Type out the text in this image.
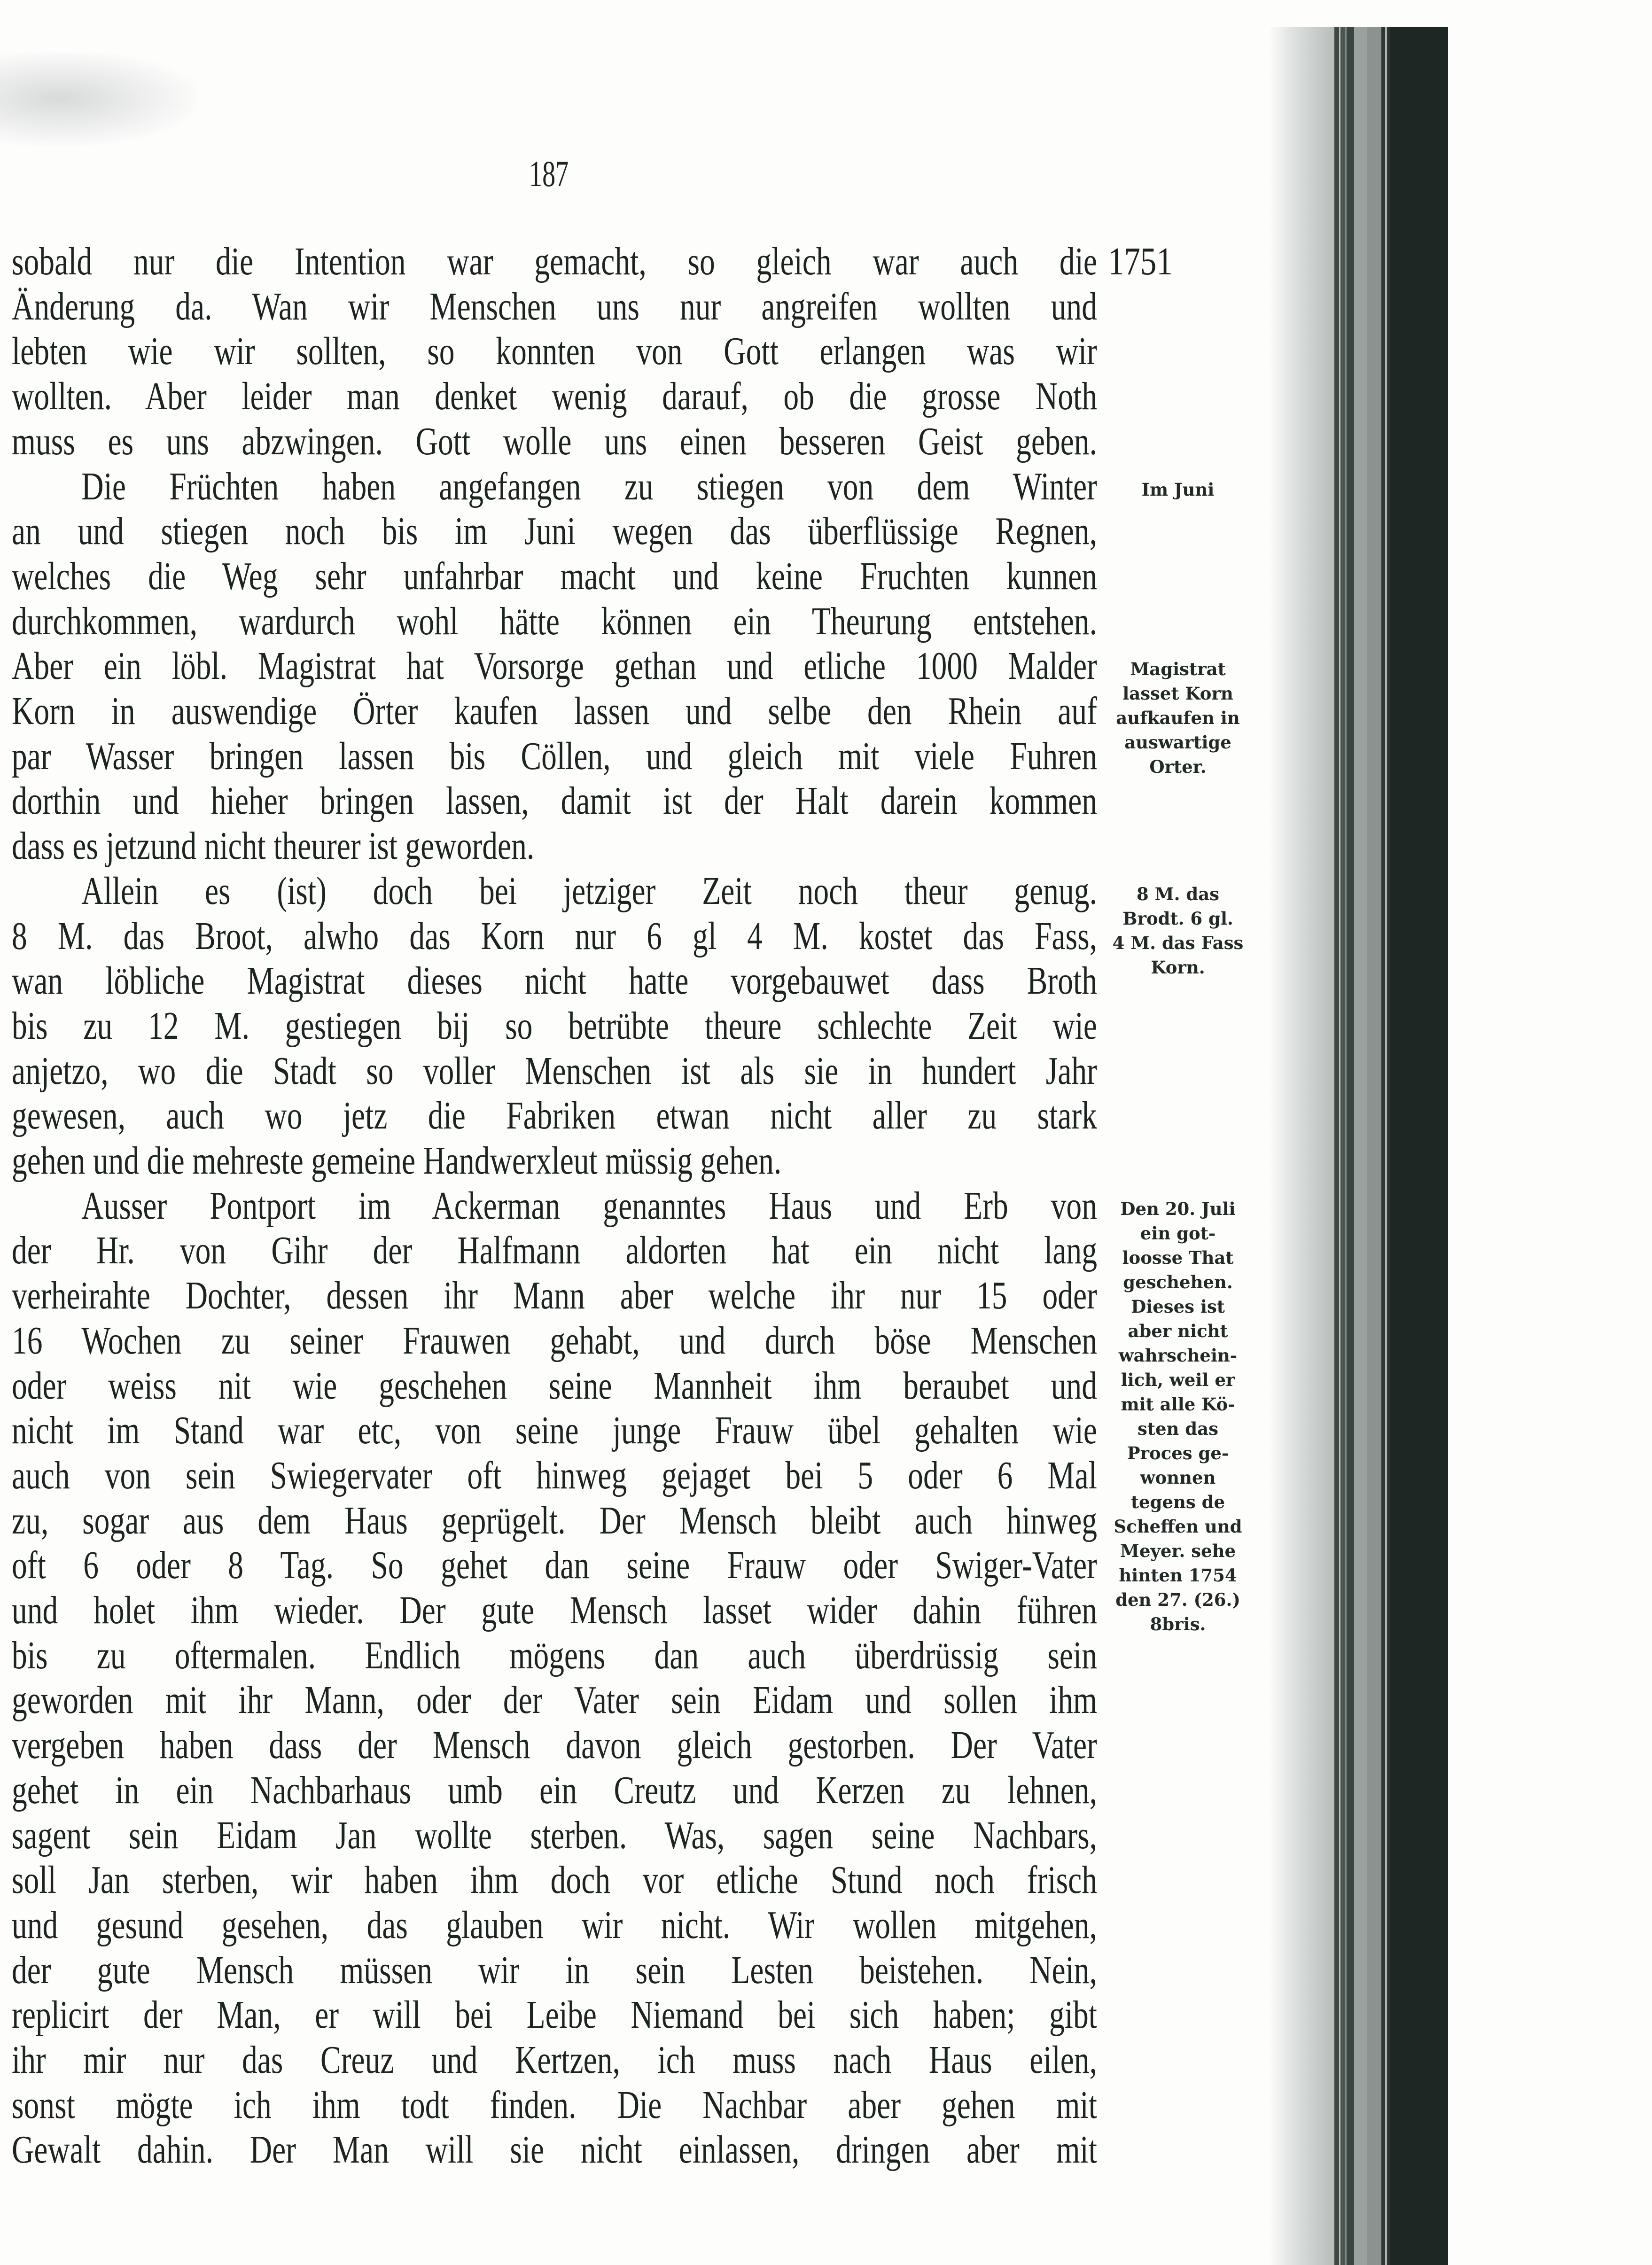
187
1751
sobald nur die Intention war gemacht, so gleich war auch die
Änderung da. Wan wir Menschen uns nur angreifen wollten und
lebten wie wir sollten, so konnten von Gott erlangen was wir
wollten. Aber leider man denket wenig darauf, ob die grosse Noth
muss es uns abzwingen. Gott wolle uns einen besseren Geist geben.
Die Früchten haben angefangen zu stiegen von dem Winter
an und stiegen noch bis im Juni wegen das überflüssige Regnen,
welches die Weg sehr unfahrbar macht und keine Fruchten kunnen
durchkommen, wardurch wohl hätte können ein Theurung entstehen.
Aber ein löbl. Magistrat hat Vorsorge gethan und etliche 1000 Malder
Korn in auswendige Örter kaufen lassen und selbe den Rhein auf
par Wasser bringen lassen bis Cöllen, und gleich mit viele Fuhren
dorthin und hieher bringen lassen, damit ist der Halt darein kommen
dass es jetzund nicht theurer ist geworden.
Allein es (ist) doch bei jetziger Zeit noch theur genug.
8 M. das Broot, alwho das Korn nur 6 gl 4 M. kostet das Fass,
wan löbliche Magistrat dieses nicht hatte vorgebauwet dass Broth
bis zu 12 M. gestiegen bij so betrübte theure schlechte Zeit wie
anjetzo, wo die Stadt so voller Menschen ist als sie in hundert Jahr
gewesen, auch wo jetz die Fabriken etwan nicht aller zu stark
gehen und die mehreste gemeine Handwerxleut müssig gehen.
Ausser Pontport im Ackerman genanntes Haus und Erb von
der Hr. von Gihr der Halfmann aldorten hat ein nicht lang
verheirahte Dochter, dessen ihr Mann aber welche ihr nur 15 oder
16 Wochen zu seiner Frauwen gehabt, und durch böse Menschen
oder weiss nit wie geschehen seine Mannheit ihm beraubet und
nicht im Stand war etc, von seine junge Frauw übel gehalten wie
auch von sein Swiegervater oft hinweg gejaget bei 5 oder 6 Mal
zu, sogar aus dem Haus geprügelt. Der Mensch bleibt auch hinweg
oft 6 oder 8 Tag. So gehet dan seine Frauw oder Swiger-Vater
und holet ihm wieder. Der gute Mensch lasset wider dahin führen
bis zu oftermalen. Endlich mögens dan auch überdrüssig sein
geworden mit ihr Mann, oder der Vater sein Eidam und sollen ihm
vergeben haben dass der Mensch davon gleich gestorben. Der Vater
gehet in ein Nachbarhaus umb ein Creutz und Kerzen zu lehnen,
sagent sein Eidam Jan wollte sterben. Was, sagen seine Nachbars,
soll Jan sterben, wir haben ihm doch vor etliche Stund noch frisch
und gesund gesehen, das glauben wir nicht. Wir wollen mitgehen,
der gute Mensch müssen wir in sein Lesten beistehen. Nein,
replicirt der Man, er will bei Leibe Niemand bei sich haben; gibt
ihr mir nur das Creuz und Kertzen, ich muss nach Haus eilen,
sonst mögte ich ihm todt finden. Die Nachbar aber gehen mit
Gewalt dahin. Der Man will sie nicht einlassen, dringen aber mit
Im Juni
Magistrat
lasset Korn
aufkaufen in
auswartige
Orter.
8 M. das
Brodt. 6 gl.
4 M. das Fass
Korn.
Den 20. Juli
ein got-
loosse That
geschehen.
Dieses ist
aber nicht
wahrschein-
lich, weil er
mit alle Kö-
sten das
Proces ge-
wonnen
tegens de
Scheffen und
Meyer. sehe
hinten 1754
den 27. (26.)
8bris.
